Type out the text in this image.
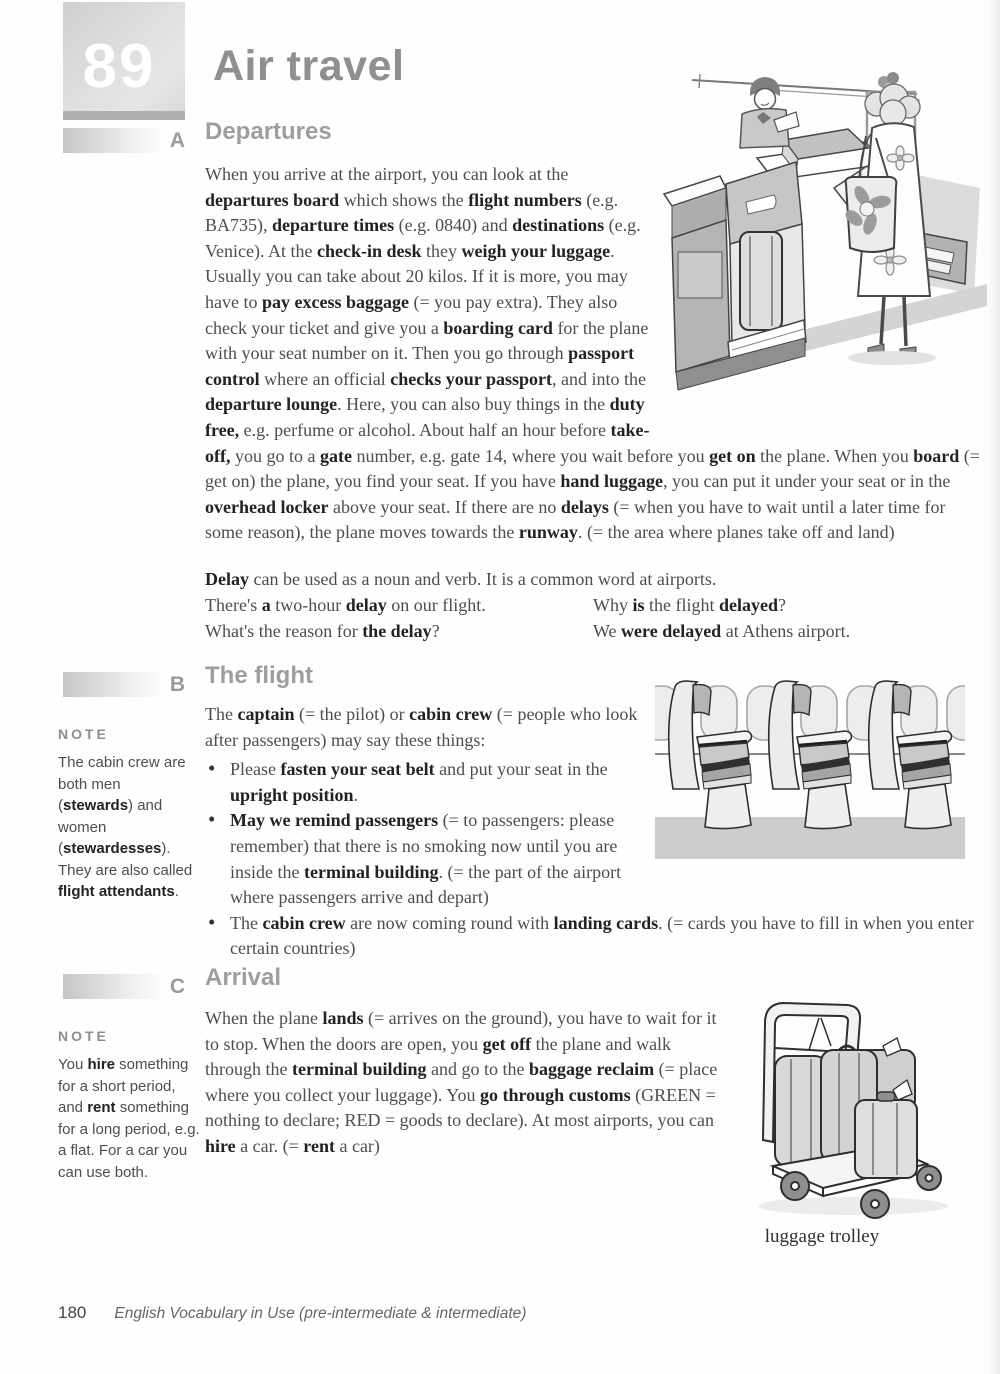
89	Air travel
A Departures

When you arrive at the airport, you can look at the departures board which shows the flight numbers (e.g. BA735), departure times (e.g. 0840) and destinations (e.g. Venice). At the check-in desk they weigh your luggage. Usually you can take about 20 kilos. If it is more, you may have to pay excess baggage (= you pay extra). They also check your ticket and give you a boarding card for the plane with your seat number on it. Then you go through passport control where an official checks your passport, and into the departure lounge. Here, you can also buy things in the duty free, e.g. perfume or alcohol. About half an hour before take-off, you go to a gate number, e.g. gate 14, where you wait before you get on the plane. When you board (= get on) the plane, you find your seat. If you have hand luggage, you can put it under your seat or in the overhead locker above your seat. If there are no delays (= when you have to wait until a later time for some reason), the plane moves towards the runway. (= the area where planes take off and land)

Delay can be used as a noun and verb. It is a common word at airports.
There's a two-hour delay on our flight.
What's the reason for the delay?
Why is the flight delayed?
We were delayed at Athens airport.
B The flight
NOTE
The cabin crew are both men (stewards) and women (stewardesses). They are also called flight attendants.

The captain (= the pilot) or cabin crew (= people who look after passengers) may say these things:

• Please fasten your seat belt and put your seat in the upright position.
• May we remind passengers (= to passengers: please remember) that there is no smoking now until you are inside the terminal building. (= the part of the airport where passengers arrive and depart)
• The cabin crew are now coming round with landing cards. (= cards you have to fill in when you enter certain countries)
C Arrival
NOTE
You hire something for a short period, and rent something for a long period, e.g. a flat. For a car you can use both.

When the plane lands (= arrives on the ground), you have to wait for it to stop. When the doors are open, you get off the plane and walk through the terminal building and go to the baggage reclaim (= place where you collect your luggage). You go through customs (GREEN = nothing to declare; RED = goods to declare). At most airports, you can hire a car. (= rent a car)

luggage trolley
180 English Vocabulary in Use (pre-intermediate & intermediate)
